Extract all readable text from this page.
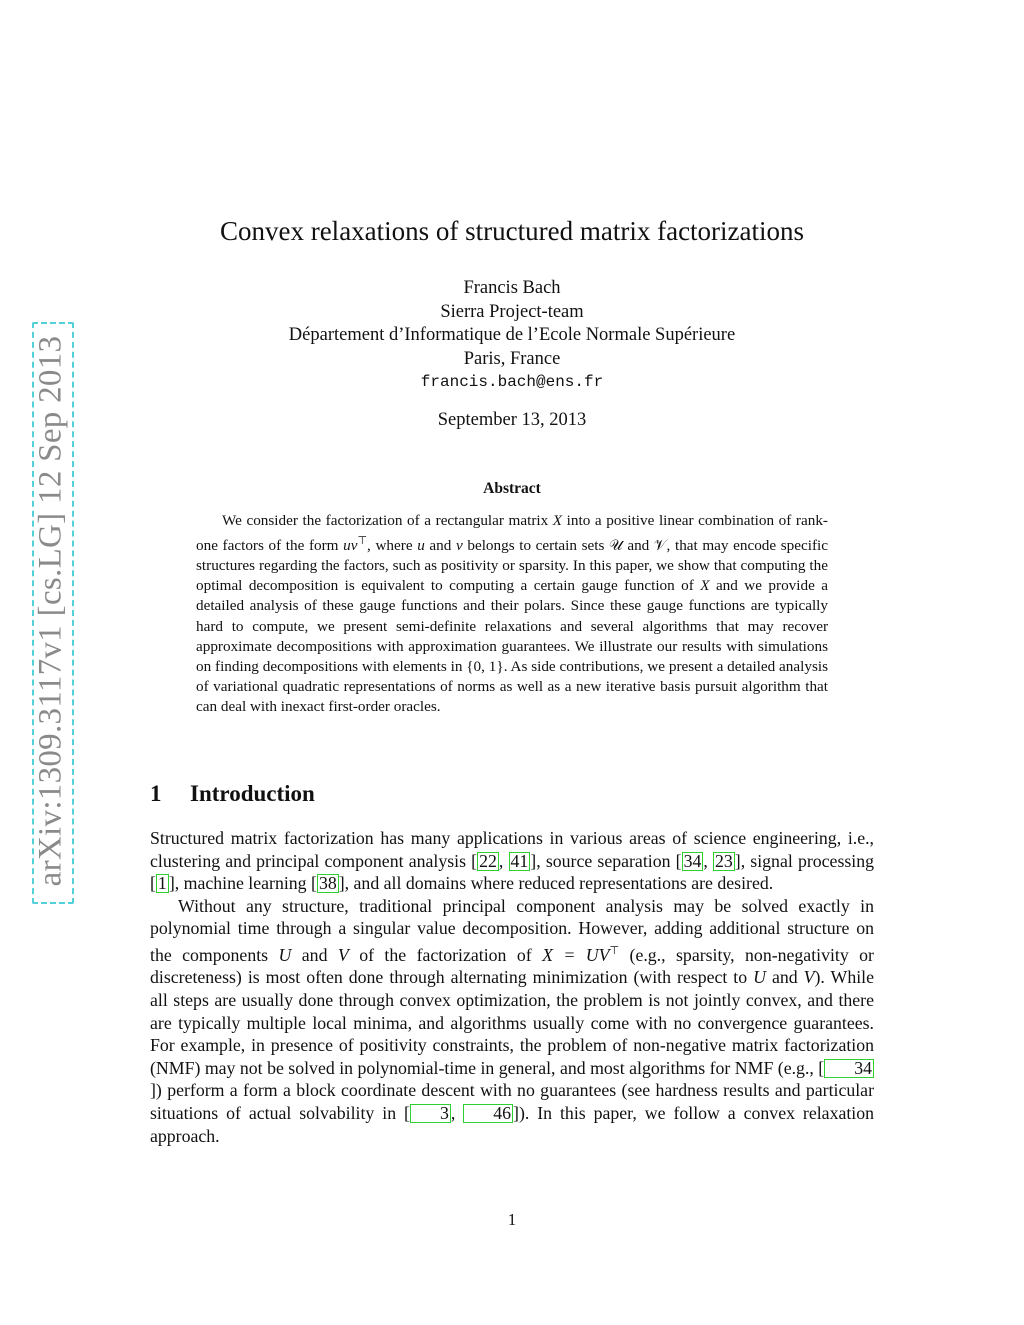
arXiv:1309.3117v1 [cs.LG] 12 Sep 2013
Convex relaxations of structured matrix factorizations
Francis Bach
Sierra Project-team
Département d’Informatique de l’Ecole Normale Supérieure
Paris, France
francis.bach@ens.fr
September 13, 2013
Abstract

We consider the factorization of a rectangular matrix X into a positive linear combination of rank-one factors of the form uv⊤, where u and v belongs to certain sets 𝒰 and 𝒱, that may encode specific structures regarding the factors, such as positivity or sparsity. In this paper, we show that computing the optimal decomposition is equivalent to computing a certain gauge function of X and we provide a detailed analysis of these gauge functions and their polars. Since these gauge functions are typically hard to compute, we present semi-definite relaxations and several algorithms that may recover approximate decompositions with approximation guarantees. We illustrate our results with simulations on finding decompositions with elements in {0, 1}. As side contributions, we present a detailed analysis of variational quadratic representations of norms as well as a new iterative basis pursuit algorithm that can deal with inexact first-order oracles.

1 Introduction

Structured matrix factorization has many applications in various areas of science engineering, i.e., clustering and principal component analysis [ 22 , 41 ], source separation [ 34 , 23 ], signal processing [ 1 ], machine learning [ 38 ], and all domains where reduced representations are desired.

Without any structure, traditional principal component analysis may be solved exactly in polynomial time through a singular value decomposition. However, adding additional structure on the components U and V of the factorization of X = UV⊤ (e.g., sparsity, non-negativity or discreteness) is most often done through alternating minimization (with respect to U and V). While all steps are usually done through convex optimization, the problem is not jointly convex, and there are typically multiple local minima, and algorithms usually come with no convergence guarantees. For example, in presence of positivity constraints, the problem of non-negative matrix factorization (NMF) may not be solved in polynomial-time in general, and most algorithms for NMF (e.g., [ 34]) perform a form a block coordinate descent with no guarantees (see hardness results and particular situations of actual solvability in [ 3 , 46 ]). In this paper, we follow a convex relaxation approach.

1
